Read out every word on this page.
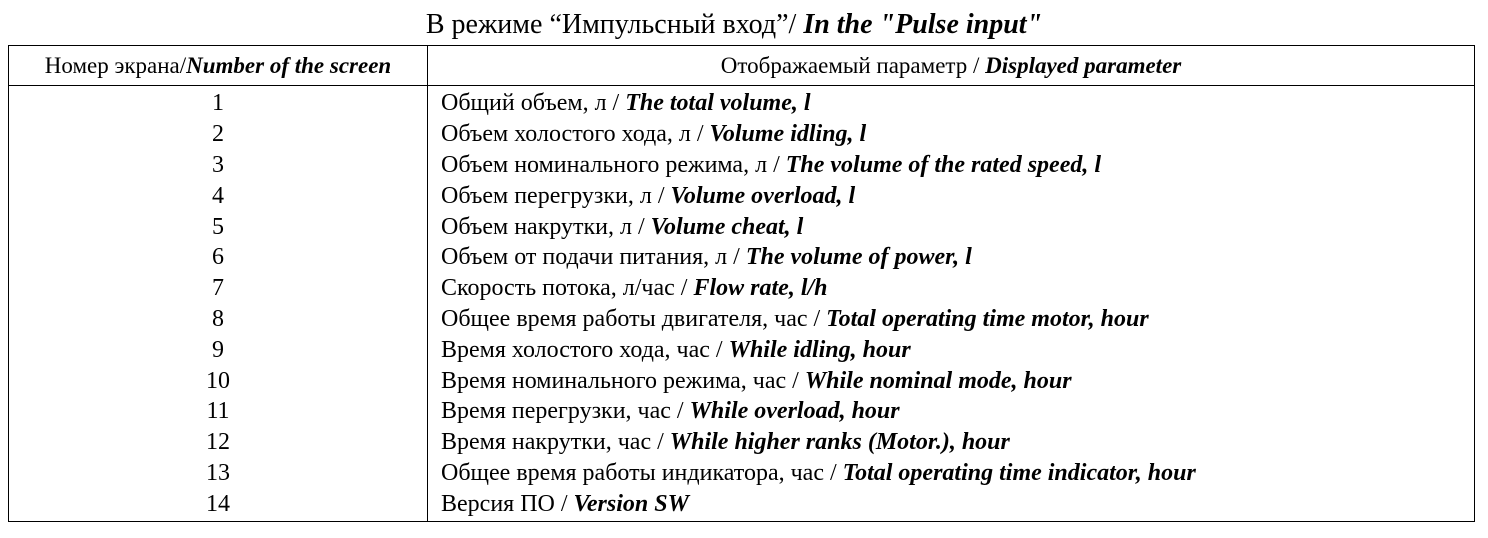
В режиме “Импульсный вход”/ In the "Pulse input"
Номер экрана/Number of the screen	Отображаемый параметр / Displayed parameter
1	Общий объем, л / The total volume, l
2	Объем холостого хода, л / Volume idling, l
3	Объем номинального режима, л / The volume of the rated speed, l
4	Объем перегрузки, л / Volume overload, l
5	Объем накрутки, л / Volume cheat, l
6	Объем от подачи питания, л / The volume of power, l
7	Скорость потока, л/час / Flow rate, l/h
8	Общее время работы двигателя, час / Total operating time motor, hour
9	Время холостого хода, час / While idling, hour
10	Время номинального режима, час / While nominal mode, hour
11	Время перегрузки, час / While overload, hour
12	Время накрутки, час / While higher ranks (Motor.), hour
13	Общее время работы индикатора, час / Total operating time indicator, hour
14	Версия ПО / Version SW
